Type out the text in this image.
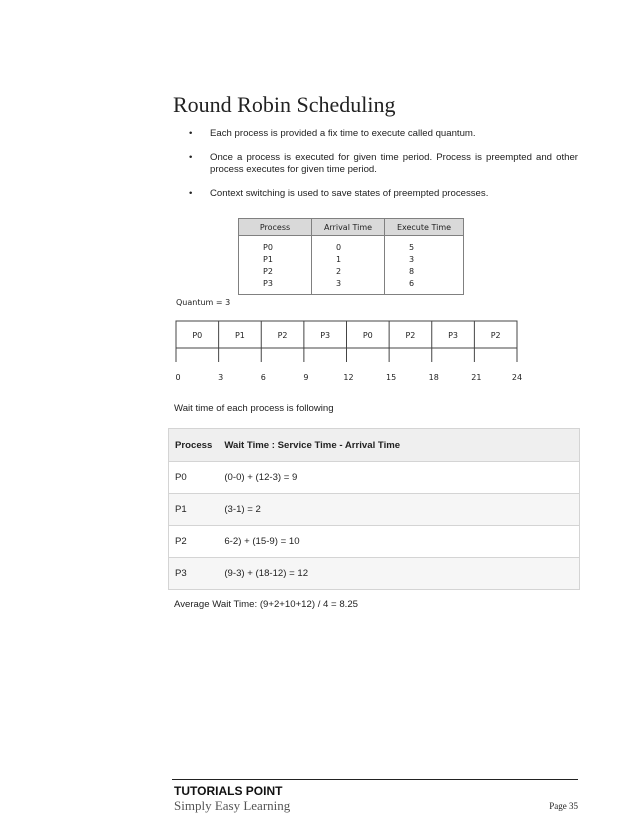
Round Robin Scheduling
• Each process is provided a fix time to execute called quantum.
• Once a process is executed for given time period. Process is preempted and other process executes for given time period.
• Context switching is used to save states of preempted processes.
Process	Arrival Time	Execute Time
P0	0	5
P1	1	3
P2	2	8
P3	3	6
Quantum = 3
P0	P1	P2	P3	P0	P2	P3	P2
0	3	6	9	12	15	18	21	24
Wait time of each process is following
Process	Wait Time : Service Time - Arrival Time
P0	(0-0) + (12-3) = 9
P1	(3-1) = 2
P2	6-2) + (15-9) = 10
P3	(9-3) + (18-12) = 12
Average Wait Time: (9+2+10+12) / 4 = 8.25
TUTORIALS POINT
Simply Easy Learning	Page 35
